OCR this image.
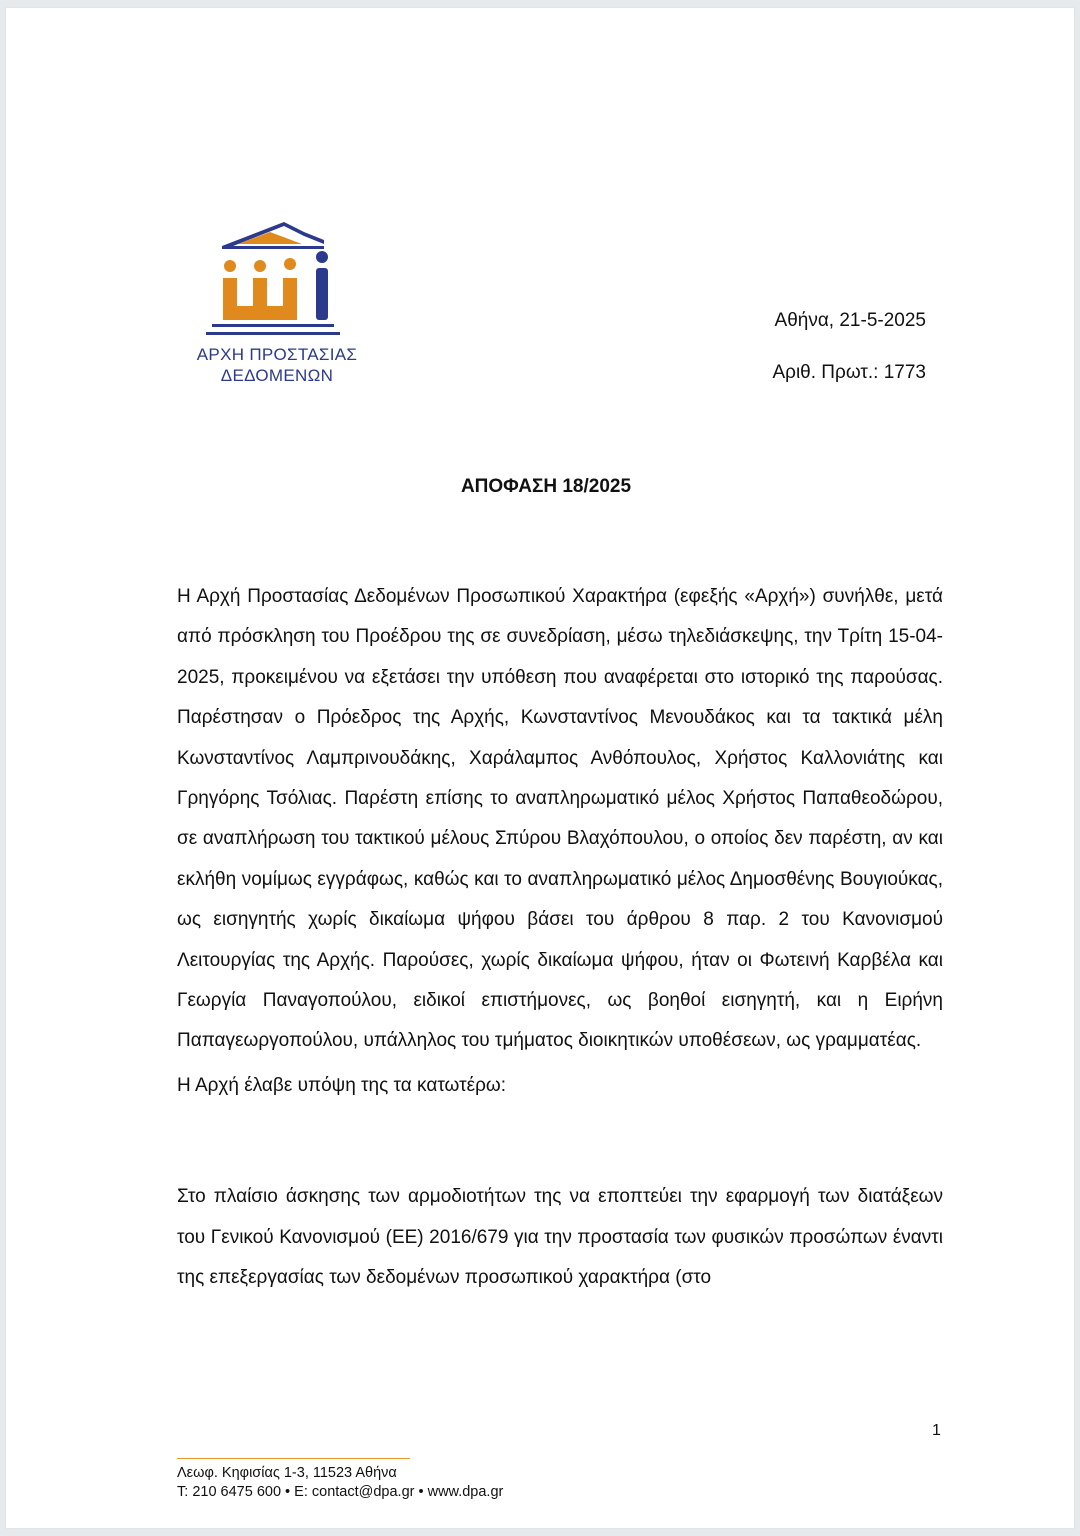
ΑΡΧΗ ΠΡΟΣΤΑΣΙΑΣ
ΔΕΔΟΜΕΝΩΝ
Αθήνα, 21-5-2025
Αριθ. Πρωτ.: 1773
ΑΠΟΦΑΣΗ 18/2025

Η Αρχή Προστασίας Δεδομένων Προσωπικού Χαρακτήρα (εφεξής «Αρχή») συνήλθε, μετά από πρόσκληση του Προέδρου της σε συνεδρίαση, μέσω τηλεδιάσκεψης, την Τρίτη 15-04-2025, προκειμένου να εξετάσει την υπόθεση που αναφέρεται στο ιστορικό της παρούσας. Παρέστησαν ο Πρόεδρος της Αρχής, Κωνσταντίνος Μενουδάκος και τα τακτικά μέλη Κωνσταντίνος Λαμπρινουδάκης, Χαράλαμπος Ανθόπουλος, Χρήστος Καλλονιάτης και Γρηγόρης Τσόλιας. Παρέστη επίσης το αναπληρωματικό μέλος Χρήστος Παπαθεοδώρου, σε αναπλήρωση του τακτικού μέλους Σπύρου Βλαχόπουλου, ο οποίος δεν παρέστη, αν και εκλήθη νομίμως εγγράφως, καθώς και το αναπληρωματικό μέλος Δημοσθένης Βουγιούκας, ως εισηγητής χωρίς δικαίωμα ψήφου βάσει του άρθρου 8 παρ. 2 του Κανονισμού Λειτουργίας της Αρχής. Παρούσες, χωρίς δικαίωμα ψήφου, ήταν οι Φωτεινή Καρβέλα και Γεωργία Παναγοπούλου, ειδικοί επιστήμονες, ως βοηθοί εισηγητή, και η Ειρήνη Παπαγεωργοπούλου, υπάλληλος του τμήματος διοικητικών υποθέσεων, ως γραμματέας.

Η Αρχή έλαβε υπόψη της τα κατωτέρω:

Στο πλαίσιο άσκησης των αρμοδιοτήτων της να εποπτεύει την εφαρμογή των διατάξεων του Γενικού Κανονισμού (ΕΕ) 2016/679 για την προστασία των φυσικών προσώπων έναντι της επεξεργασίας των δεδομένων προσωπικού χαρακτήρα (στο

1
Λεωφ. Κηφισίας 1-3, 11523 Αθήνα
Τ: 210 6475 600 • E: contact@dpa.gr • www.dpa.gr
